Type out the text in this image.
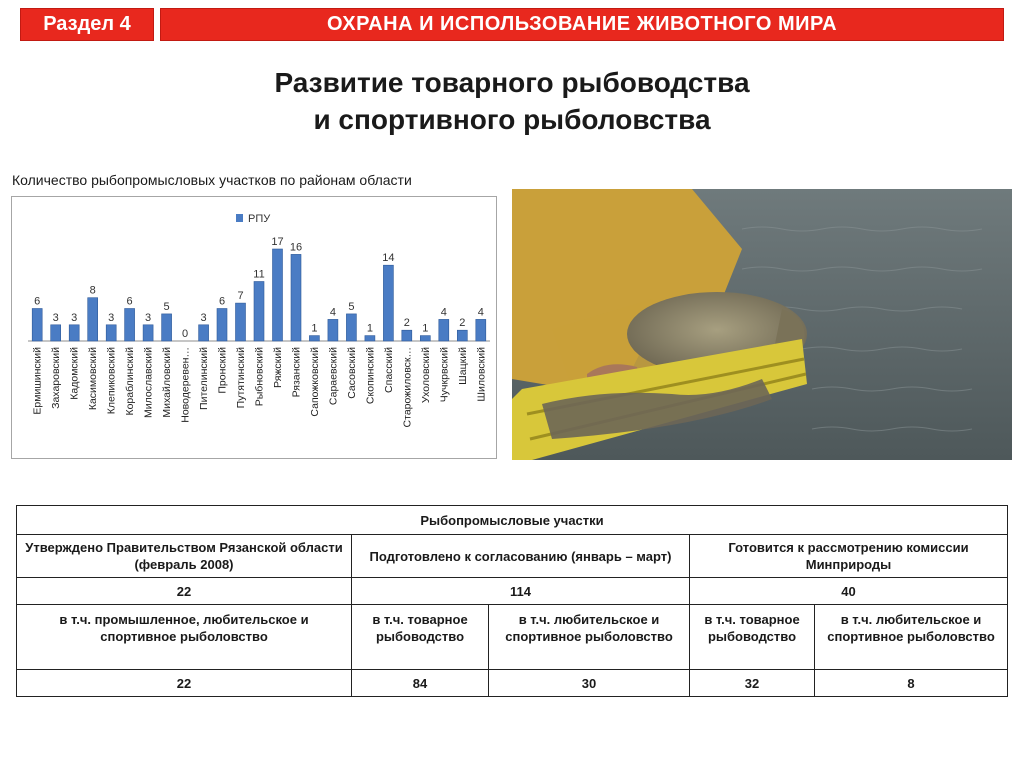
Раздел 4	ОХРАНА И ИСПОЛЬЗОВАНИЕ ЖИВОТНОГО МИРА
Развитие товарного рыбоводства
и спортивного рыболовства
Количество рыбопромысловых участков по районам области
РПУ
6
Ермишинский
3
Захаровский
3
Кадомский
8
Касимовский
3
Клепиковский
6
Кораблинский
3
Милославский
5
Михайловский
0
Новодеревен…
3
Пителинский
6
Пронский
7
Путятинский
11
Рыбновский
17
Ряжский
16
Рязанский
1
Сапожковский
4
Сараевский
5
Сасовский
1
Скопинский
14
Спасский
2
Старожиловск…
1
Ухоловский
4
Чучкрвский
2
Шацкий
4
Шиловский
Рыбопромысловые участки				
Утверждено Правительством Рязанской области (февраль 2008)	Подготовлено к согласованию (январь – март)		Готовится к рассмотрению комиссии Минприроды	
22	114		40	
в т.ч. промышленное, любительское и спортивное рыболовство	в т.ч. товарное рыбоводство	в т.ч. любительское и спортивное рыболовство	в т.ч. товарное рыбоводство	в т.ч. любительское и спортивное рыболовство
22	84	30	32	8
